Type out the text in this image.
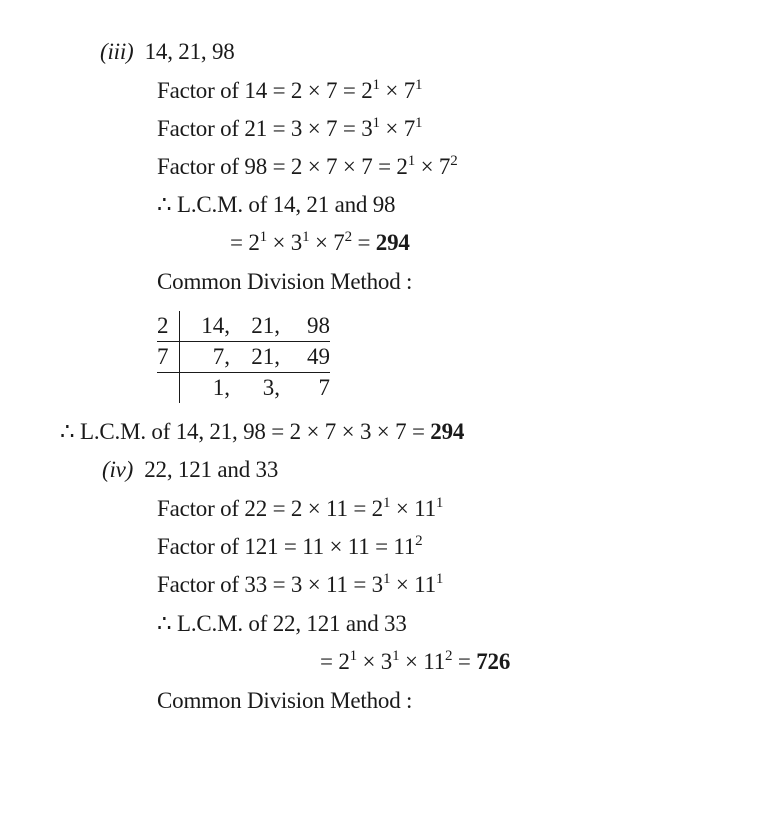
(iii) 14, 21, 98
Factor of $14 = 2 \times 7 = 2^1 \times 7^1$
Factor of $21 = 3 \times 7 = 3^1 \times 7^1$
Factor of $98 = 2 \times 7 \times 7 = 2^1 \times 7^2$
∴ L.C.M. of 14, 21 and 98
= $2^1 \times 3^1 \times 7^2 = 294$
Common Division Method :
2	14,	21,	98
7	7,	21,	49
	1,	3,	7
∴ L.C.M. of 14, 21, 98 = 2 × 7 × 3 × 7 = 294
(iv) 22, 121 and 33
Factor of $22 = 2 \times 11 = 2^1 \times 11^1$
Factor of $121 = 11 \times 11 = 11^2$
Factor of $33 = 3 \times 11 = 3^1 \times 11^1$
∴ L.C.M. of 22, 121 and 33
= $2^1 \times 3^1 \times 11^2 = 726$
Common Division Method :
